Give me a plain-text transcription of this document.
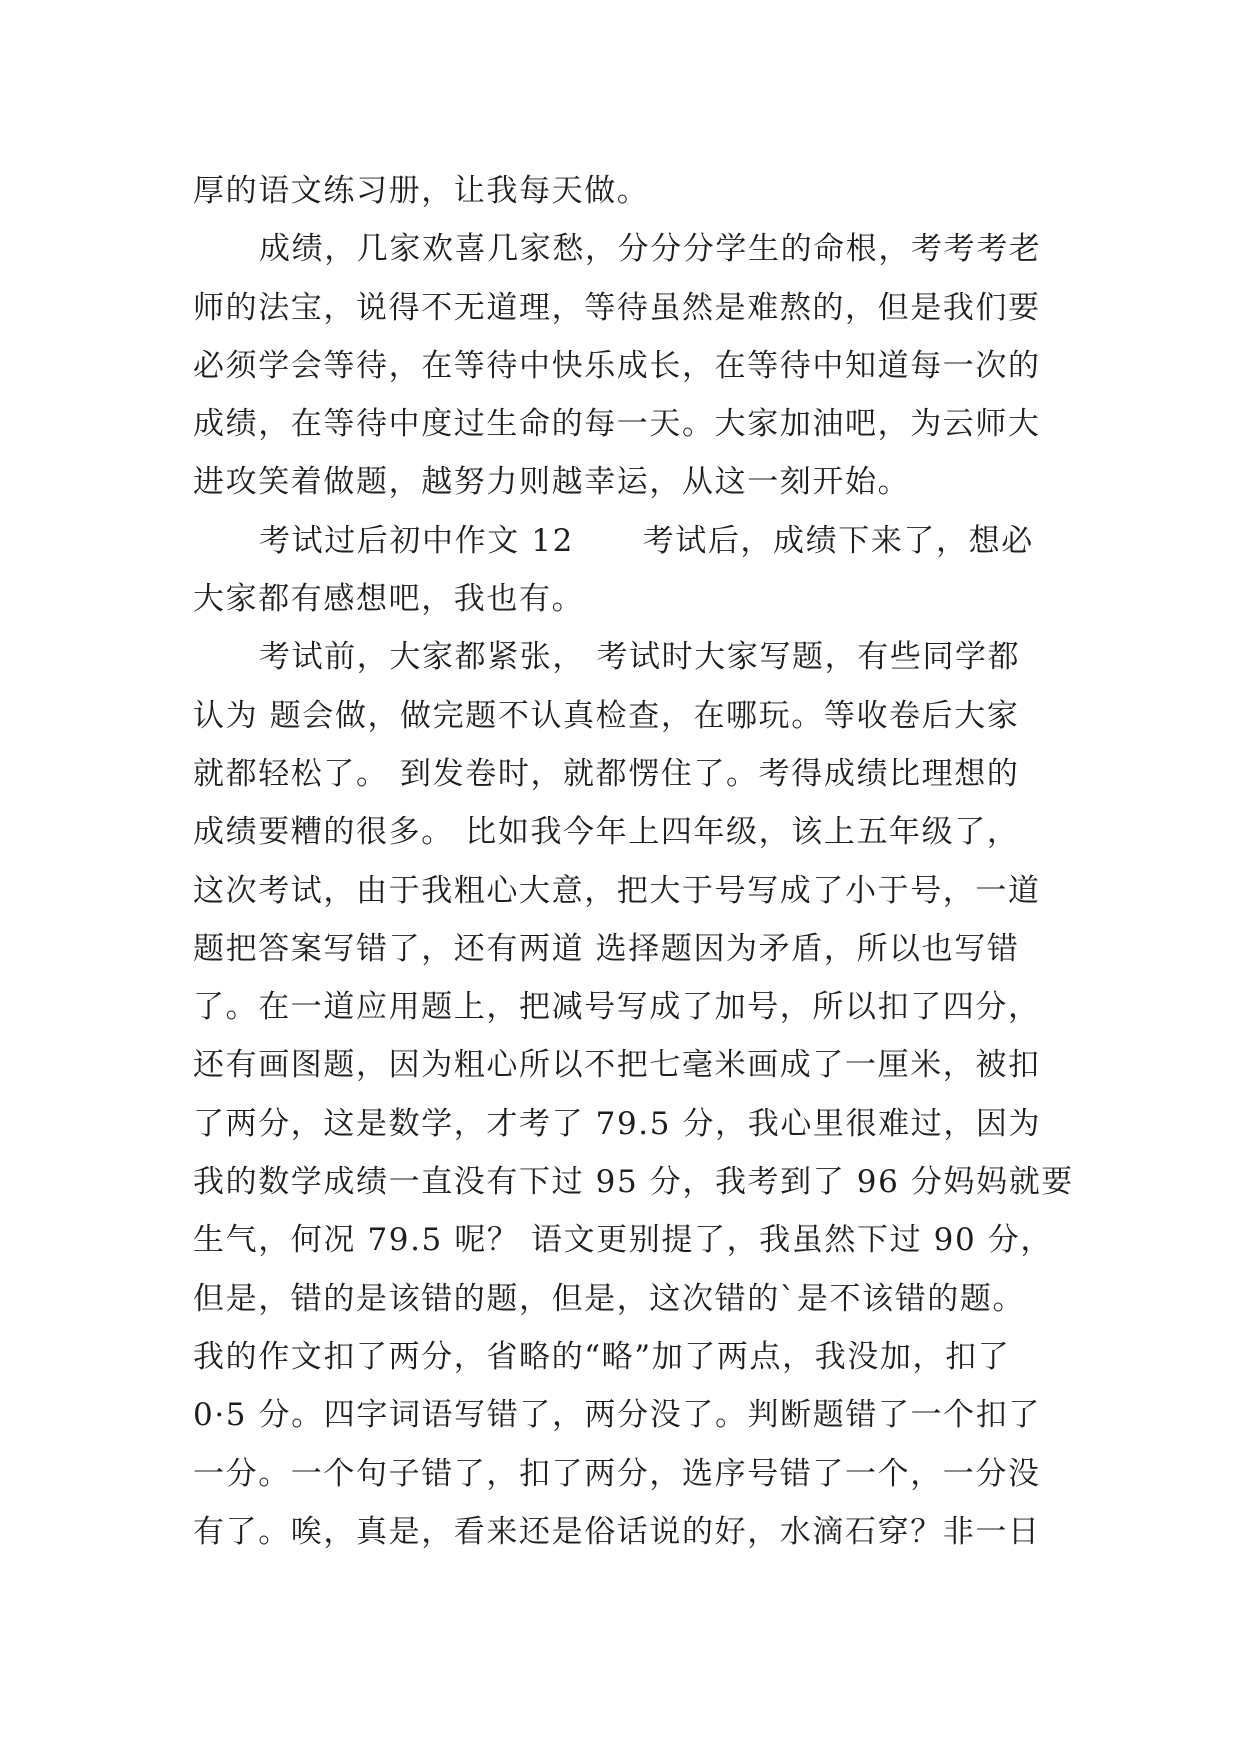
厚的语文练习册，让我每天做。
成绩，几家欢喜几家愁，分分分学生的命根，考考考老
师的法宝，说得不无道理，等待虽然是难熬的，但是我们要
必须学会等待，在等待中快乐成长，在等待中知道每一次的
成绩，在等待中度过生命的每一天。大家加油吧，为云师大
进攻笑着做题，越努力则越幸运，从这一刻开始。
考试过后初中作文 12      考试后，成绩下来了，想必
大家都有感想吧，我也有。
考试前，大家都紧张， 考试时大家写题，有些同学都
认为 题会做，做完题不认真检查，在哪玩。等收卷后大家
就都轻松了。 到发卷时，就都愣住了。考得成绩比理想的
成绩要糟的很多。 比如我今年上四年级，该上五年级了，
这次考试，由于我粗心大意，把大于号写成了小于号，一道
题把答案写错了，还有两道 选择题因为矛盾，所以也写错
了。在一道应用题上，把减号写成了加号，所以扣了四分，
还有画图题，因为粗心所以不把七毫米画成了一厘米，被扣
了两分，这是数学，才考了 79.5 分，我心里很难过，因为
我的数学成绩一直没有下过 95 分，我考到了 96 分妈妈就要
生气，何况 79.5 呢？ 语文更别提了，我虽然下过 90 分，
但是，错的是该错的题，但是，这次错的`是不该错的题。
我的作文扣了两分，省略的“略”加了两点，我没加，扣了
0·5 分。四字词语写错了，两分没了。判断题错了一个扣了
一分。一个句子错了，扣了两分，选序号错了一个，一分没
有了。唉，真是，看来还是俗话说的好，水滴石穿？非一日
